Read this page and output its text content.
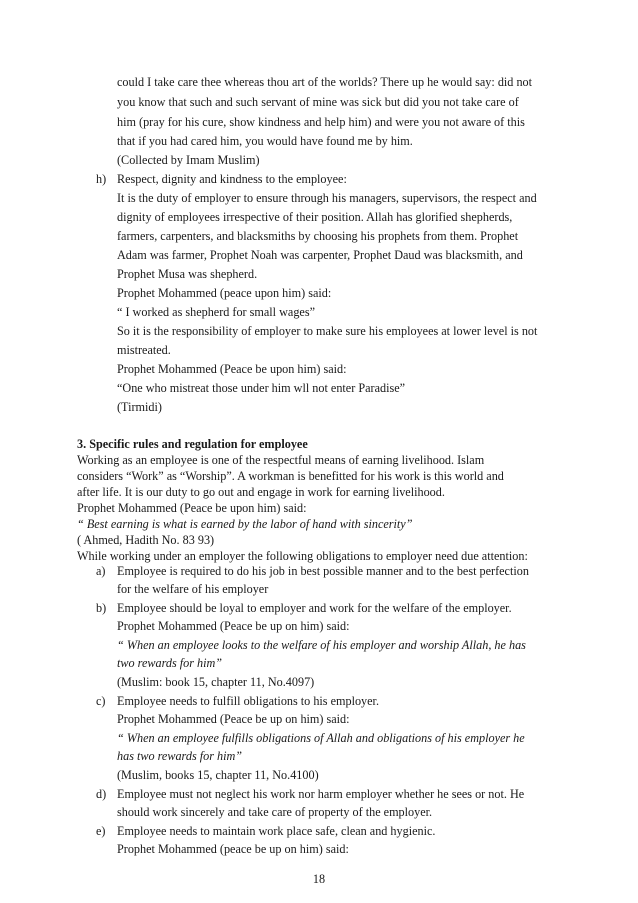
could I take care thee whereas thou art of the worlds? There up he would say: did not
you know that such and such servant of mine was sick but did you not take care of
him (pray for his cure, show kindness and help him) and were you not aware of this
that if you had cared him, you would have found me by him.
(Collected by Imam Muslim)
h) Respect, dignity and kindness to the employee:
It is the duty of employer to ensure through his managers, supervisors, the respect and
dignity of employees irrespective of their position. Allah has glorified shepherds,
farmers, carpenters, and blacksmiths by choosing his prophets from them. Prophet
Adam was farmer, Prophet Noah was carpenter, Prophet Daud was blacksmith, and
Prophet Musa was shepherd.
Prophet Mohammed (peace upon him) said:
“ I worked as shepherd for small wages”
So it is the responsibility of employer to make sure his employees at lower level is not
mistreated.
Prophet Mohammed (Peace be upon him) said:
“One who mistreat those under him wll not enter Paradise”
(Tirmidi)
3. Specific rules and regulation for employee
Working as an employee is one of the respectful means of earning livelihood. Islam
considers “Work” as “Worship”. A workman is benefitted for his work is this world and
after life. It is our duty to go out and engage in work for earning livelihood.
Prophet Mohammed (Peace be upon him) said:
“ Best earning is what is earned by the labor of hand with sincerity”
( Ahmed, Hadith No. 83 93)
While working under an employer the following obligations to employer need due attention:
a) Employee is required to do his job in best possible manner and to the best perfection
for the welfare of his employer
b) Employee should be loyal to employer and work for the welfare of the employer.
Prophet Mohammed (Peace be up on him) said:
“ When an employee looks to the welfare of his employer and worship Allah, he has
two rewards for him”
(Muslim: book 15, chapter 11, No.4097)
c) Employee needs to fulfill obligations to his employer.
Prophet Mohammed (Peace be up on him) said:
“ When an employee fulfills obligations of Allah and obligations of his employer he
has two rewards for him”
(Muslim, books 15, chapter 11, No.4100)
d) Employee must not neglect his work nor harm employer whether he sees or not. He
should work sincerely and take care of property of the employer.
18
e) Employee needs to maintain work place safe, clean and hygienic.
Prophet Mohammed (peace be up on him) said:
